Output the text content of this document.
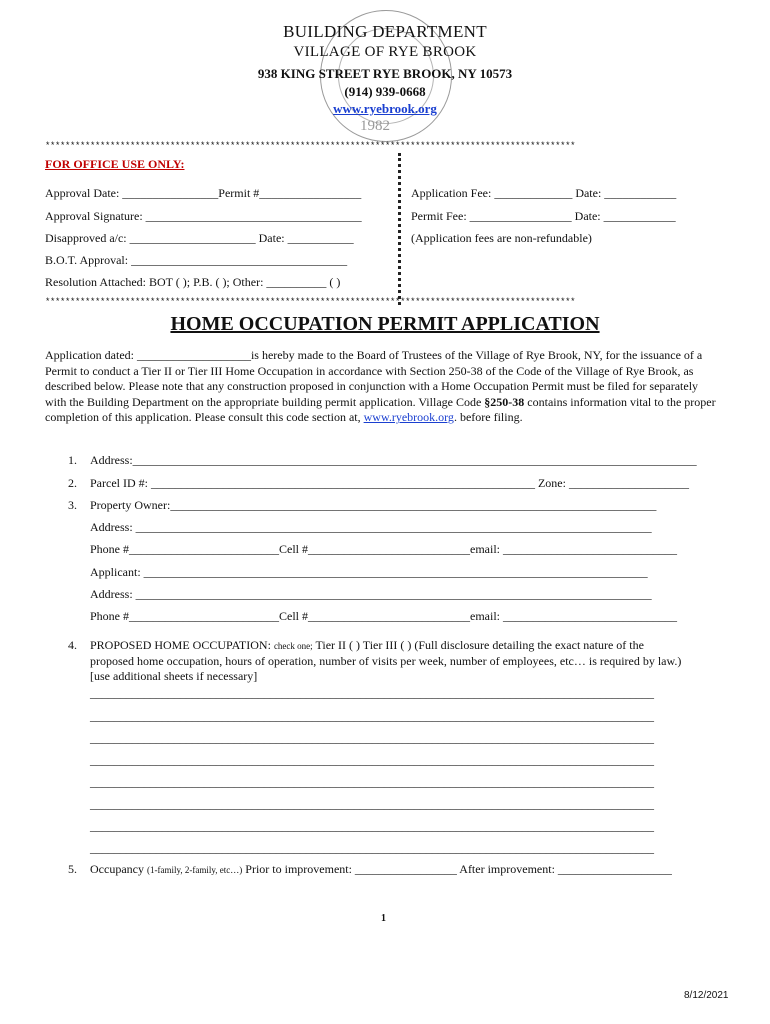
1982
BUILDING DEPARTMENT
VILLAGE OF RYE BROOK
938 KING STREET RYE BROOK, NY 10573
(914) 939-0668
www.ryebrook.org
**********************************************************************************************************
FOR OFFICE USE ONLY:
Approval Date: ________________Permit #_________________
Approval Signature: ____________________________________
Disapproved a/c: _____________________ Date: ___________
B.O.T. Approval: ____________________________________
Resolution Attached: BOT ( ); P.B. ( ); Other: __________ ( )
Application Fee: _____________ Date: ____________
Permit Fee: _________________ Date: ____________
(Application fees are non-refundable)
**********************************************************************************************************
HOME OCCUPATION PERMIT APPLICATION
Application dated: ___________________is hereby made to the Board of Trustees of the Village of Rye Brook, NY, for the issuance of a
Permit to conduct a Tier II or Tier III Home Occupation in accordance with Section 250-38 of the Code of the Village of Rye Brook, as
described below. Please note that any construction proposed in conjunction with a Home Occupation Permit must be filed for separately
with the Building Department on the appropriate building permit application. Village Code §250-38 contains information vital to the proper
completion of this application. Please consult this code section at, www.ryebrook.org. before filing.
1. Address:______________________________________________________________________________________________
2. Parcel ID #: ________________________________________________________________ Zone: ____________________
3. Property Owner:_________________________________________________________________________________
Address: ______________________________________________________________________________________
Phone #_________________________Cell #___________________________email: _____________________________
Applicant: ____________________________________________________________________________________
Address: ______________________________________________________________________________________
Phone #_________________________Cell #___________________________email: _____________________________
4. PROPOSED HOME OCCUPATION: check one; Tier II ( ) Tier III ( ) (Full disclosure detailing the exact nature of the
proposed home occupation, hours of operation, number of visits per week, number of employees, etc… is required by law.)
[use additional sheets if necessary]
______________________________________________________________________________________________
______________________________________________________________________________________________
______________________________________________________________________________________________
______________________________________________________________________________________________
______________________________________________________________________________________________
______________________________________________________________________________________________
______________________________________________________________________________________________
______________________________________________________________________________________________
5. Occupancy (1-family, 2-family, etc…) Prior to improvement: _________________ After improvement: ___________________
1
8/12/2021
